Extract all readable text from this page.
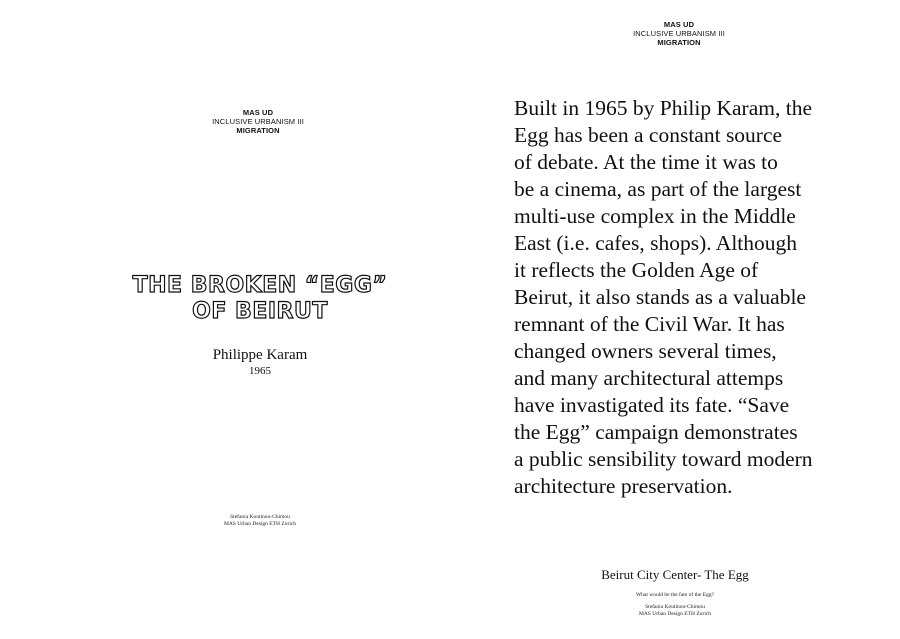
MAS UD
INCLUSIVE URBANISM III
MIGRATION
THE BROKEN “EGG”
OF BEIRUT
Philippe Karam
1965
Stefania Koutinou-Chimou
MAS Urban Design ETH Zurich
MAS UD
INCLUSIVE URBANISM III
MIGRATION
Built in 1965 by Philip Karam, the
Egg has been a constant source
of debate. At the time it was to
be a cinema, as part of the largest
multi-use complex in the Middle
East (i.e. cafes, shops). Although
it reflects the Golden Age of
Beirut, it also stands as a valuable
remnant of the Civil War. It has
changed owners several times,
and many architectural attemps
have invastigated its fate. “Save
the Egg” campaign demonstrates
a public sensibility toward modern
architecture preservation.
Beirut City Center- The Egg
What would be the fate of the Egg?
Stefania Koutinou-Chimou
MAS Urban Design ETH Zurich
